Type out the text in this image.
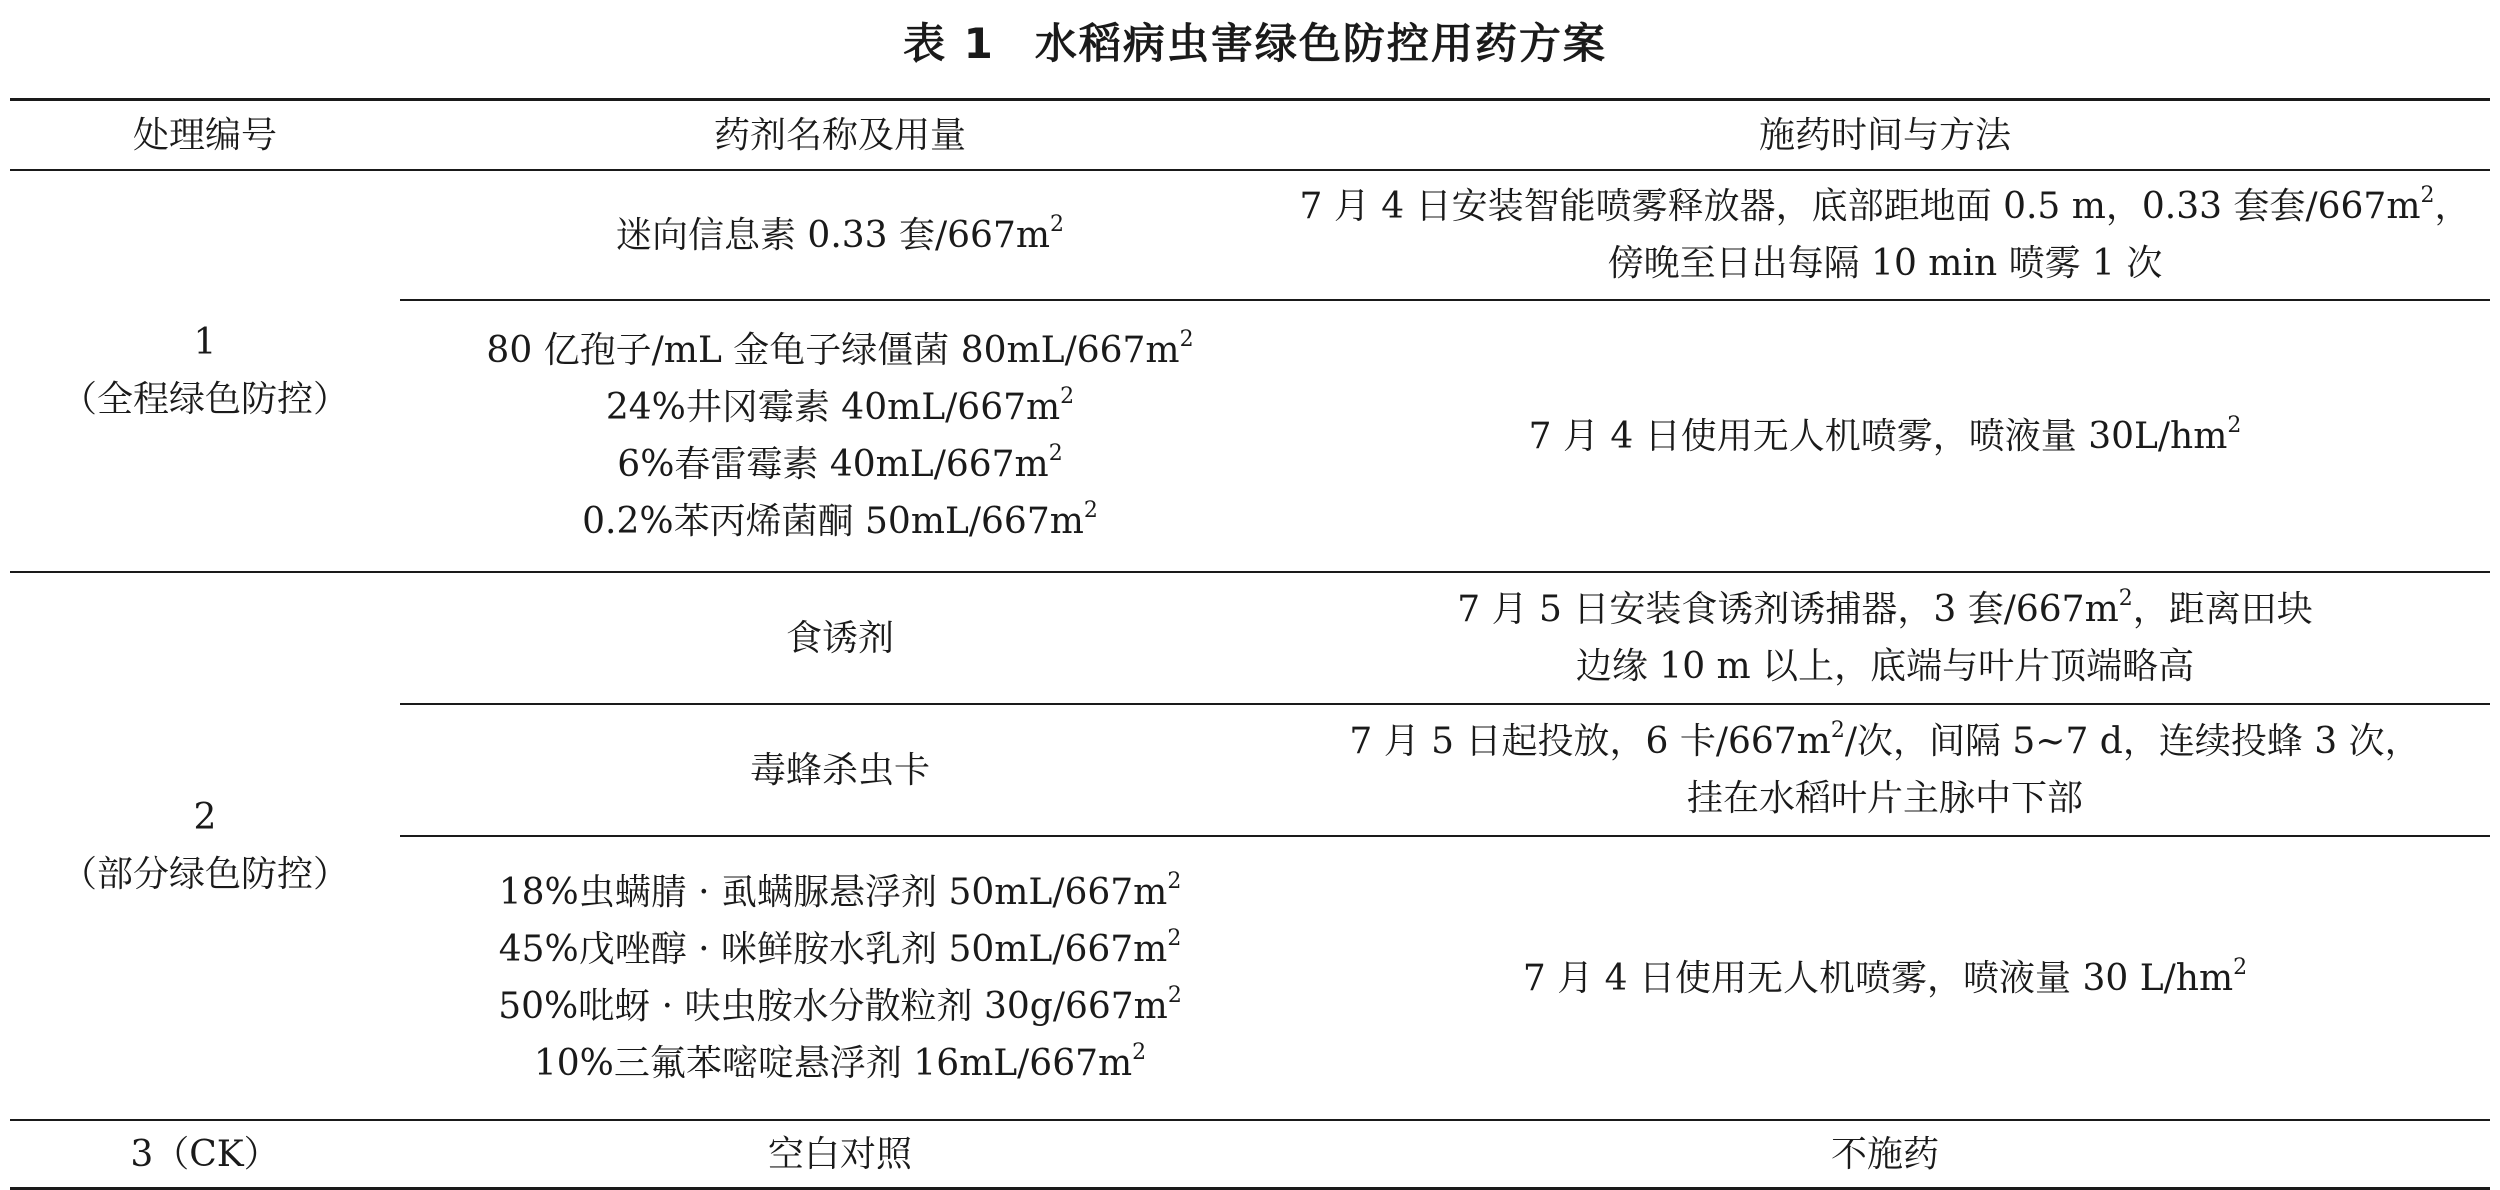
表 1 水稻病虫害绿色防控用药方案
处理编号	药剂名称及用量	施药时间与方法

1
（全程绿色防控）	迷向信息素 0.33 套$/667m^2$	7 月 4 日安装智能喷雾释放器，底部距地面 0.5 m，0.33 套套$/667m^2$，
傍晚至日出每隔 10 min 喷雾 1 次

	80 亿孢子/mL 金龟子绿僵菌 $80mL/667m^2$
24%井冈霉素 $40mL/667m^2$
6%春雷霉素 $40mL/667m^2$
0.2%苯丙烯菌酮 $50mL/667m^2$	7 月 4 日使用无人机喷雾，喷液量 $30L/hm^2$

2
（部分绿色防控）	食诱剂	7 月 5 日安装食诱剂诱捕器，3 套$/667m^2$，距离田块
边缘 10 m 以上，底端与叶片顶端略高

	毒蜂杀虫卡	7 月 5 日起投放，6 卡$/667m^2/$次，间隔 5~7 d，连续投蜂 3 次，
挂在水稻叶片主脉中下部

	18%虫螨腈 · 虱螨脲悬浮剂 $50mL/667m^2$
45%戊唑醇 · 咪鲜胺水乳剂 $50mL/667m^2$
50%吡蚜 · 呋虫胺水分散粒剂 $30g/667m^2$
10%三氟苯嘧啶悬浮剂 $16mL/667m^2$	7 月 4 日使用无人机喷雾，喷液量 30 $L/hm^2$

3（CK）	空白对照	不施药
